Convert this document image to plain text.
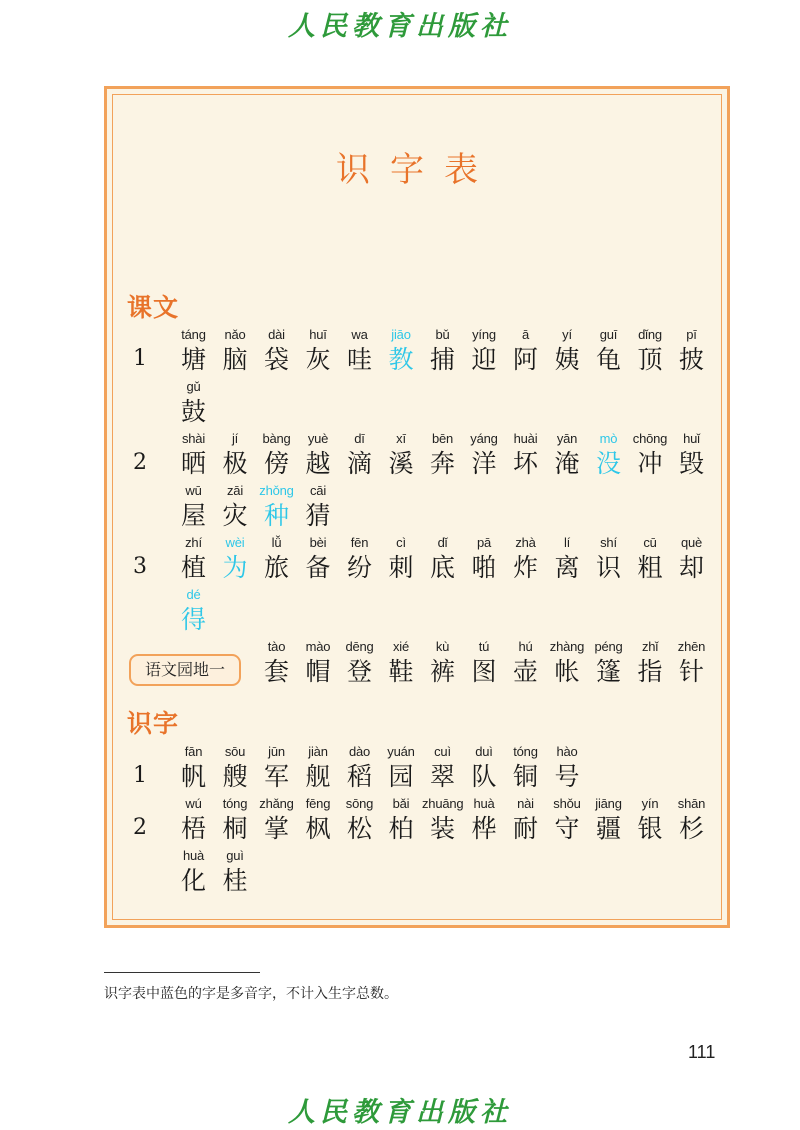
人民教育出版社
识字表
课文
识字
1
táng
塘
nǎo
脑
dài
袋
huī
灰
wa
哇
jiāo
教
bǔ
捕
yíng
迎
ā
阿
yí
姨
guī
龟
dǐng
顶
pī
披
gǔ
鼓
2
shài
晒
jí
极
bàng
傍
yuè
越
dī
滴
xī
溪
bēn
奔
yáng
洋
huài
坏
yān
淹
mò
没
chōng
冲
huǐ
毁
wū
屋
zāi
灾
zhǒng
种
cāi
猜
3
zhí
植
wèi
为
lǚ
旅
bèi
备
fēn
纷
cì
刺
dǐ
底
pā
啪
zhà
炸
lí
离
shí
识
cū
粗
què
却
dé
得
tào
套
mào
帽
dēng
登
xié
鞋
kù
裤
tú
图
hú
壶
zhàng
帐
péng
篷
zhǐ
指
zhēn
针
1
fān
帆
sōu
艘
jūn
军
jiàn
舰
dào
稻
yuán
园
cuì
翠
duì
队
tóng
铜
hào
号
2
wú
梧
tóng
桐
zhǎng
掌
fēng
枫
sōng
松
bǎi
柏
zhuāng
装
huà
桦
nài
耐
shǒu
守
jiāng
疆
yín
银
shān
杉
huà
化
guì
桂
语文园地一
识字表中蓝色的字是多音字，不计入生字总数。
111
人民教育出版社
